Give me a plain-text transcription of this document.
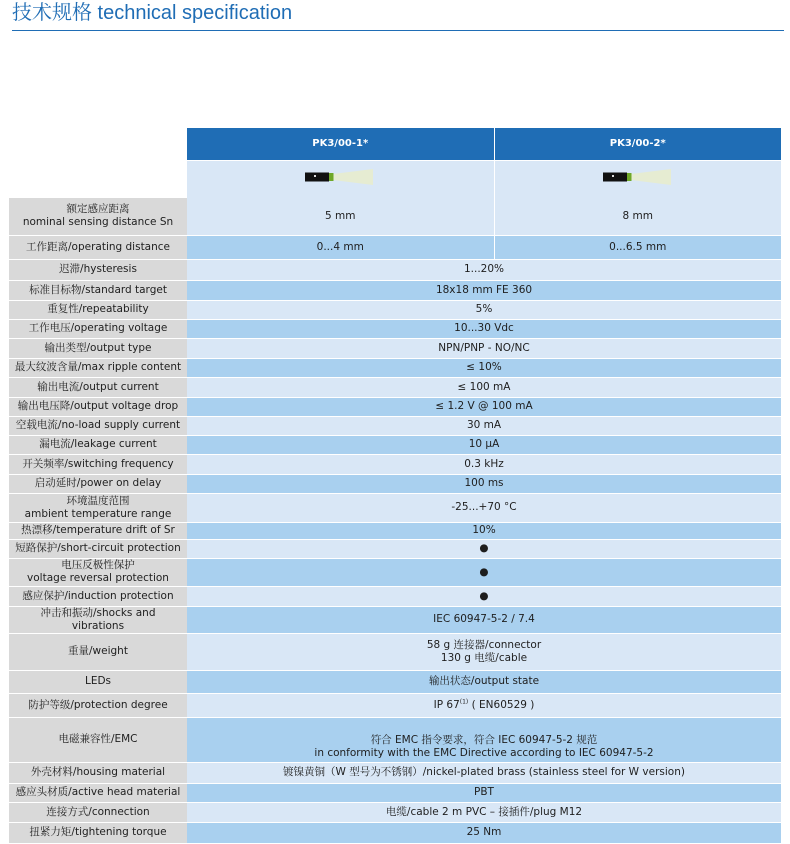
技术规格 technical specification
	PK3/00-1*	PK3/00-2*

额定感应距离
nominal sensing distance Sn	5 mm	8 mm
工作距离/operating distance	0...4 mm	0...6.5 mm
迟滞/hysteresis	1...20%	
标准目标物/standard target	18x18 mm FE 360	
重复性/repeatability	5%	
工作电压/operating voltage	10...30 Vdc	
输出类型/output type	NPN/PNP - NO/NC	
最大纹波含量/max ripple content	≤ 10%	
输出电流/output current	≤ 100 mA	
输出电压降/output voltage drop	≤ 1.2 V @ 100 mA	
空载电流/no-load supply current	30 mA	
漏电流/leakage current	10 µA	
开关频率/switching frequency	0.3 kHz	
启动延时/power on delay	100 ms	
环境温度范围
ambient temperature range	-25...+70 °C	
热漂移/temperature drift of Sr	10%	
短路保护/short-circuit protection	●	
电压反极性保护
voltage reversal protection	●	
感应保护/induction protection	●	
冲击和振动/shocks and vibrations	IEC 60947-5-2 / 7.4	
重量/weight	58 g 连接器/connector
130 g 电缆/cable	
LEDs	输出状态/output state	
防护等级/protection degree	IP 67$^{(1)}$ ( EN60529 )	
电磁兼容性/EMC	符合 EMC 指令要求，符合 IEC 60947-5-2 规范
in conformity with the EMC Directive according to IEC 60947-5-2	
外壳材料/housing material	镀镍黄铜（W 型号为不锈钢）/nickel-plated brass (stainless steel for W version)	
感应头材质/active head material	PBT	
连接方式/connection	电缆/cable 2 m PVC – 接插件/plug M12	
扭紧力矩/tightening torque	25 Nm	
